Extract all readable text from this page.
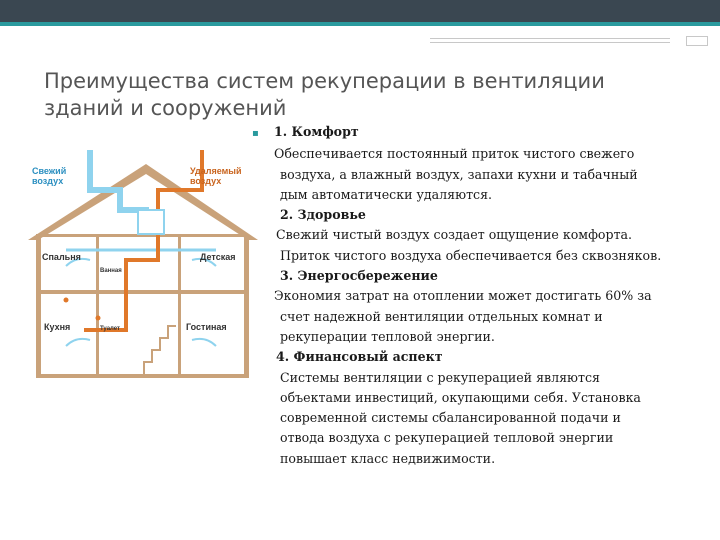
Преимущества систем рекуперации в вентиляции
зданий и сооружений
Свежий
воздух
Удаляемый
воздух
Спальня
Ванная
Детская
Кухня	Туалет	Гостиная
▪ 1. Комфорт
Обеспечивается постоянный приток чистого свежего
воздуха, а влажный воздух, запахи кухни и табачный
дым автоматически удаляются.
2. Здоровье
Свежий чистый воздух создает ощущение комфорта.
Приток чистого воздуха обеспечивается без сквозняков.
3. Энергосбережение
Экономия затрат на отоплении может достигать 60% за
счет надежной вентиляции отдельных комнат и
рекуперации тепловой энергии.
4. Финансовый аспект
Системы вентиляции с рекуперацией являются
объектами инвестиций, окупающими себя. Установка
современной системы сбалансированной подачи и
отвода воздуха с рекуперацией тепловой энергии
повышает класс недвижимости.
